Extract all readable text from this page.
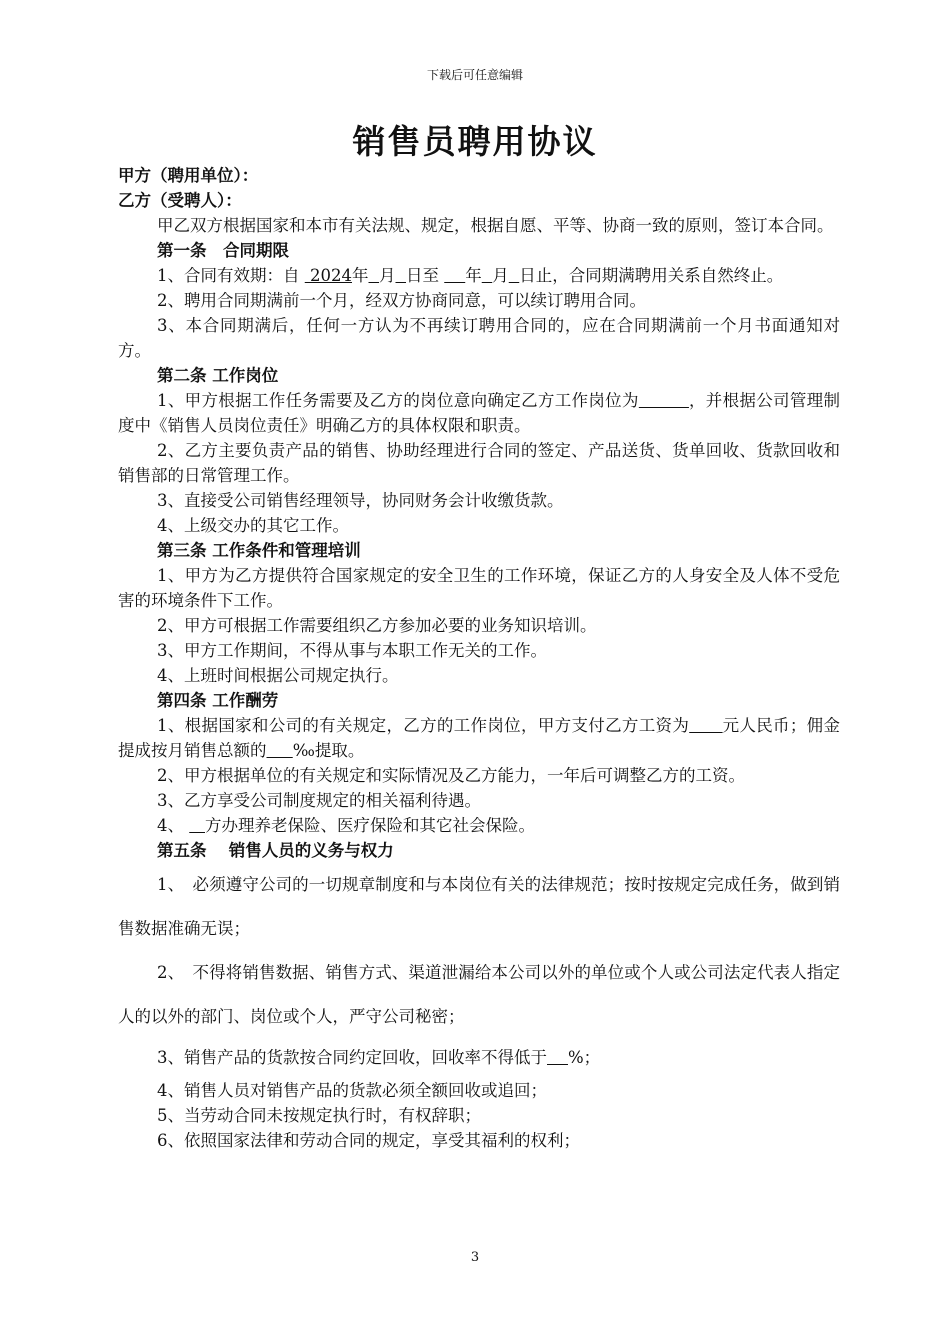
下载后可任意编辑
销售员聘用协议

甲方（聘用单位）：

乙方（受聘人）：

甲乙双方根据国家和本市有关法规、规定，根据自愿、平等、协商一致的原则，签订本合同。

第一条　合同期限

1、合同有效期：自  2024年 月 日至     年 月 日止，合同期满聘用关系自然终止。

2、聘用合同期满前一个月，经双方协商同意，可以续订聘用合同。

3、本合同期满后，任何一方认为不再续订聘用合同的，应在合同期满前一个月书面通知对方。

第二条 工作岗位

1、甲方根据工作任务需要及乙方的岗位意向确定乙方工作岗位为	，并根据公司管理制度中《销售人员岗位责任》明确乙方的具体权限和职责。

2、乙方主要负责产品的销售、协助经理进行合同的签定、产品送货、货单回收、货款回收和销售部的日常管理工作。

3、直接受公司销售经理领导，协同财务会计收缴货款。

4、上级交办的其它工作。

第三条 工作条件和管理培训

1、甲方为乙方提供符合国家规定的安全卫生的工作环境，保证乙方的人身安全及人体不受危害的环境条件下工作。

2、甲方可根据工作需要组织乙方参加必要的业务知识培训。

3、甲方工作期间，不得从事与本职工作无关的工作。

4、上班时间根据公司规定执行。

第四条 工作酬劳

1、根据国家和公司的有关规定，乙方的工作岗位，甲方支付乙方工资为 元人民币；佣金提成按月销售总额的 ‰提取。

2、甲方根据单位的有关规定和实际情况及乙方能力，一年后可调整乙方的工资。

3、乙方享受公司制度规定的相关福利待遇。

4、    方办理养老保险、医疗保险和其它社会保险。

第五条　 销售人员的义务与权力

1、　必须遵守公司的一切规章制度和与本岗位有关的法律规范；按时按规定完成任务，做到销售数据准确无误；

2、　不得将销售数据、销售方式、渠道泄漏给本公司以外的单位或个人或公司法定代表人指定人的以外的部门、岗位或个人，严守公司秘密；

3、销售产品的货款按合同约定回收，回收率不得低于 %；

4、销售人员对销售产品的货款必须全额回收或追回；

5、当劳动合同未按规定执行时，有权辞职；

6、依照国家法律和劳动合同的规定，享受其福利的权利；

3
